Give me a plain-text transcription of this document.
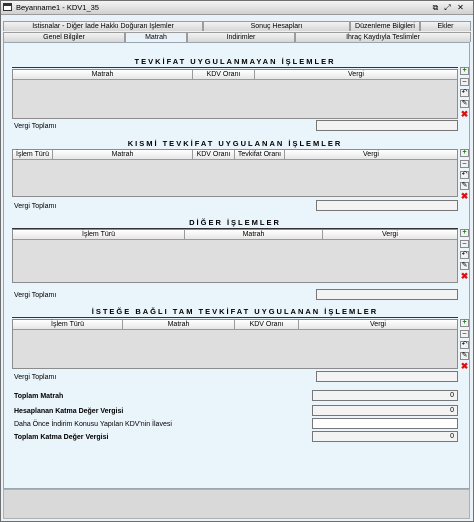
Beyanname1 - KDV1_35	⧉ ⤢ ✕
İstisnalar - Diğer İade Hakkı Doğuran İşlemler	Sonuç Hesapları	Düzenleme Bilgileri	Ekler
Genel Bilgiler	Matrah	İndirimler	İhraç Kaydıyla Teslimler
TEVKİFAT UYGULANMAYAN İŞLEMLER
Matrah	KDV Oranı	Vergi
+
–
↶
✎
✖
Vergi Toplamı
KISMİ TEVKİFAT UYGULANAN İŞLEMLER
İşlem Türü	Matrah	KDV Oranı	Tevkifat Oranı	Vergi	+
–
↶
✎
✖
Vergi Toplamı
DİĞER İŞLEMLER
İşlem Türü	Matrah	Vergi	+
–
↶
✎
✖
Vergi Toplamı
İSTEĞE BAĞLI TAM TEVKİFAT UYGULANAN İŞLEMLER
İşlem Türü	Matrah	KDV Oranı	Vergi	+
–
↶
✎
✖
Vergi Toplamı
Toplam Matrah	0
Hesaplanan Katma Değer Vergisi	0
Daha Önce İndirim Konusu Yapılan KDV'nin İlavesi
Toplam Katma Değer Vergisi	0
